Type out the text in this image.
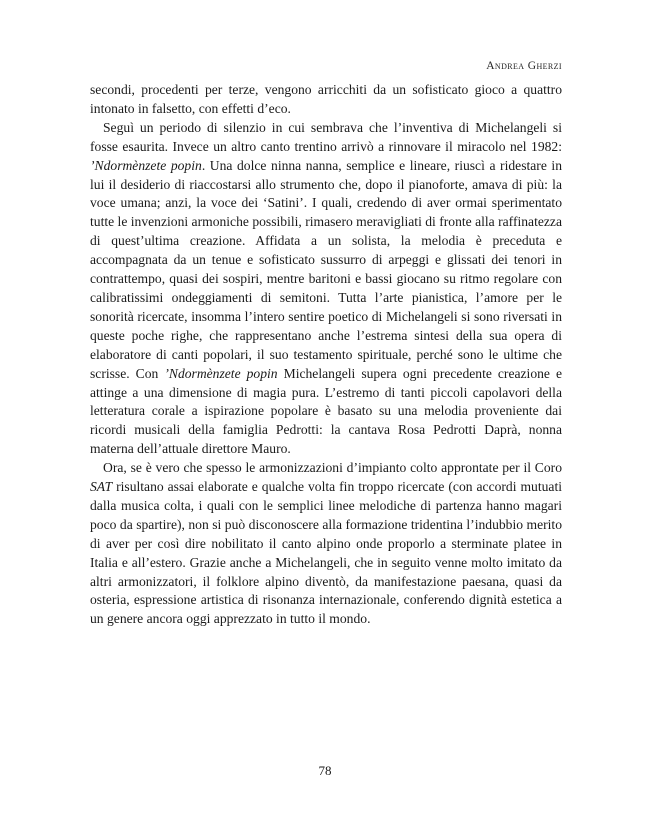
Andrea Gherzi

secondi, procedenti per terze, vengono arricchiti da un sofisticato gioco a quattro intonato in falsetto, con effetti d’eco.

Seguì un periodo di silenzio in cui sembrava che l’inventiva di Michelangeli si fosse esaurita. Invece un altro canto trentino arrivò a rinnovare il miracolo nel 1982: ’Ndormènzete popin. Una dolce ninna nanna, semplice e lineare, riuscì a ridestare in lui il desiderio di riaccostarsi allo strumento che, dopo il pianoforte, amava di più: la voce umana; anzi, la voce dei ‘Satini’. I quali, credendo di aver ormai sperimentato tutte le invenzioni armoniche possibili, rimasero meravigliati di fronte alla raffinatezza di quest’ultima creazione. Affidata a un solista, la melodia è preceduta e accompagnata da un tenue e sofisticato sussurro di arpeggi e glissati dei tenori in contrattempo, quasi dei sospiri, mentre baritoni e bassi giocano su ritmo regolare con calibratissimi ondeggiamenti di semitoni. Tutta l’arte pianistica, l’amore per le sonorità ricercate, insomma l’intero sentire poetico di Michelangeli si sono riversati in queste poche righe, che rappresentano anche l’estrema sintesi della sua opera di elaboratore di canti popolari, il suo testamento spirituale, perché sono le ultime che scrisse. Con ’Ndormènzete popin Michelangeli supera ogni precedente creazione e attinge a una dimensione di magia pura. L’estremo di tanti piccoli capolavori della letteratura corale a ispirazione popolare è basato su una melodia proveniente dai ricordi musicali della famiglia Pedrotti: la cantava Rosa Pedrotti Daprà, nonna materna dell’attuale direttore Mauro.

Ora, se è vero che spesso le armonizzazioni d’impianto colto approntate per il Coro SAT risultano assai elaborate e qualche volta fin troppo ricercate (con accordi mutuati dalla musica colta, i quali con le semplici linee melodiche di partenza hanno magari poco da spartire), non si può disconoscere alla formazione tridentina l’indubbio merito di aver per così dire nobilitato il canto alpino onde proporlo a sterminate platee in Italia e all’estero. Grazie anche a Michelangeli, che in seguito venne molto imitato da altri armonizzatori, il folklore alpino diventò, da manifestazione paesana, quasi da osteria, espressione artistica di risonanza internazionale, conferendo dignità estetica a un genere ancora oggi apprezzato in tutto il mondo.

78
